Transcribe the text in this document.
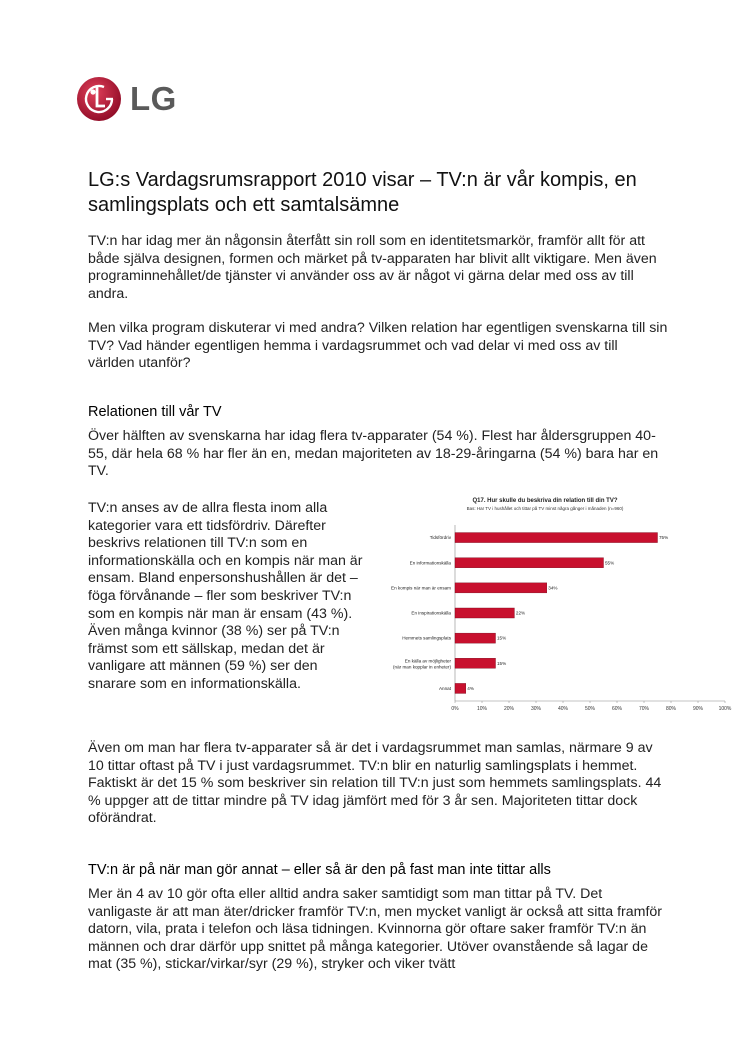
LG
LG:s Vardagsrumsrapport 2010 visar – TV:n är vår kompis, en samlingsplats och ett samtalsämne

TV:n har idag mer än någonsin återfått sin roll som en identitetsmarkör, framför allt för att både själva designen, formen och märket på tv-apparaten har blivit allt viktigare. Men även programinnehållet/de tjänster vi använder oss av är något vi gärna delar med oss av till andra.

Men vilka program diskuterar vi med andra? Vilken relation har egentligen svenskarna till sin TV? Vad händer egentligen hemma i vardagsrummet och vad delar vi med oss av till världen utanför?

Relationen till vår TV

Över hälften av svenskarna har idag flera tv-apparater (54 %). Flest har åldersgruppen 40-55, där hela 68 % har fler än en, medan majoriteten av 18-29-åringarna (54 %) bara har en TV.

TV:n anses av de allra flesta inom alla kategorier vara ett tidsfördriv. Därefter beskrivs relationen till TV:n som en informationskälla och en kompis när man är ensam. Bland enpersonshushållen är det – föga förvånande – fler som beskriver TV:n som en kompis när man är ensam (43 %). Även många kvinnor (38 %) ser på TV:n främst som ett sällskap, medan det är vanligare att männen (59 %) ser den snarare som en informationskälla.

Q17. Hur skulle du beskriva din relation till din TV?
Bas: Har TV i hushållet och tittar på TV minst några gånger i månaden (n=960)
0%	10%	20%	30%	40%	50%	60%	70%	80%	90%	100%
Tidsfördriv	75%
En informationskälla	55%
En kompis när man är ensam	34%
En inspirationskälla	22%
Hemmets samlingsplats	15%
En källa av möjligheter
(när man kopplar in enheter)
15%
Annat	4%

Även om man har flera tv-apparater så är det i vardagsrummet man samlas, närmare 9 av 10 tittar oftast på TV i just vardagsrummet. TV:n blir en naturlig samlingsplats i hemmet. Faktiskt är det 15 % som beskriver sin relation till TV:n just som hemmets samlingsplats. 44 % uppger att de tittar mindre på TV idag jämfört med för 3 år sen. Majoriteten tittar dock oförändrat.

TV:n är på när man gör annat – eller så är den på fast man inte tittar alls

Mer än 4 av 10 gör ofta eller alltid andra saker samtidigt som man tittar på TV. Det vanligaste är att man äter/dricker framför TV:n, men mycket vanligt är också att sitta framför datorn, vila, prata i telefon och läsa tidningen. Kvinnorna gör oftare saker framför TV:n än männen och drar därför upp snittet på många kategorier. Utöver ovanstående så lagar de mat (35 %), stickar/virkar/syr (29 %), stryker och viker tvätt
